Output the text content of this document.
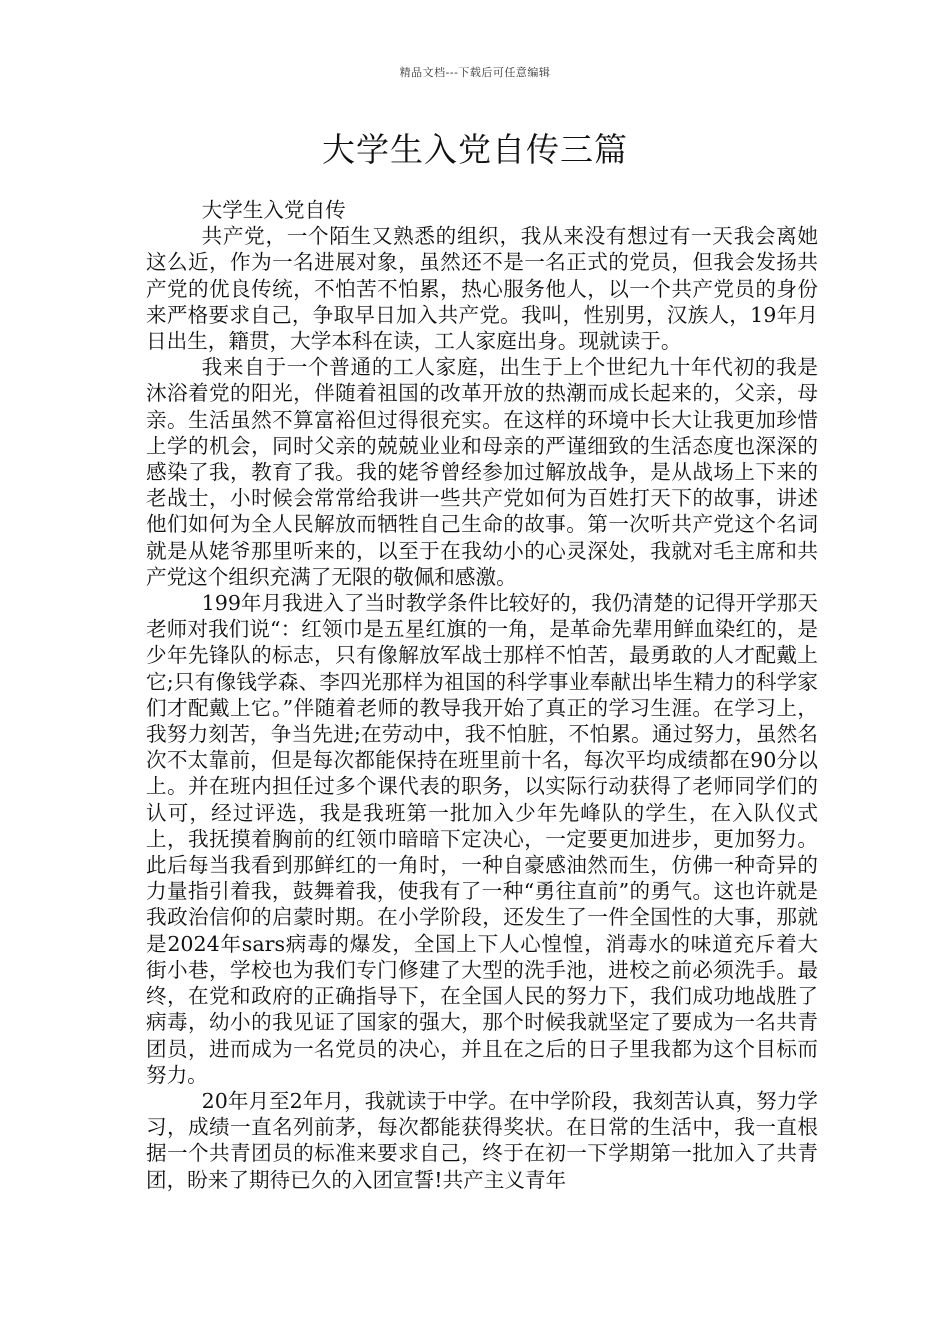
精品文档---下载后可任意编辑
大学生入党自传三篇

大学生入党自传

共产党，一个陌生又熟悉的组织，我从来没有想过有一天我会离她这么近，作为一名进展对象，虽然还不是一名正式的党员，但我会发扬共产党的优良传统，不怕苦不怕累，热心服务他人，以一个共产党员的身份来严格要求自己，争取早日加入共产党。我叫，性别男，汉族人，19年月日出生，籍贯，大学本科在读，工人家庭出身。现就读于。

我来自于一个普通的工人家庭，出生于上个世纪九十年代初的我是沐浴着党的阳光，伴随着祖国的改革开放的热潮而成长起来的，父亲，母亲。生活虽然不算富裕但过得很充实。在这样的环境中长大让我更加珍惜上学的机会，同时父亲的兢兢业业和母亲的严谨细致的生活态度也深深的感染了我，教育了我。我的姥爷曾经参加过解放战争，是从战场上下来的老战士，小时候会常常给我讲一些共产党如何为百姓打天下的故事，讲述他们如何为全人民解放而牺牲自己生命的故事。第一次听共产党这个名词就是从姥爷那里听来的，以至于在我幼小的心灵深处，我就对毛主席和共产党这个组织充满了无限的敬佩和感激。

199年月我进入了当时教学条件比较好的，我仍清楚的记得开学那天老师对我们说“：红领巾是五星红旗的一角，是革命先辈用鲜血染红的，是少年先锋队的标志，只有像解放军战士那样不怕苦，最勇敢的人才配戴上它;只有像钱学森、李四光那样为祖国的科学事业奉献出毕生精力的科学家们才配戴上它。”伴随着老师的教导我开始了真正的学习生涯。在学习上，我努力刻苦，争当先进;在劳动中，我不怕脏，不怕累。通过努力，虽然名次不太靠前，但是每次都能保持在班里前十名，每次平均成绩都在90分以上。并在班内担任过多个课代表的职务，以实际行动获得了老师同学们的认可，经过评选，我是我班第一批加入少年先峰队的学生，在入队仪式上，我抚摸着胸前的红领巾暗暗下定决心，一定要更加进步，更加努力。此后每当我看到那鲜红的一角时，一种自豪感油然而生，仿佛一种奇异的力量指引着我，鼓舞着我，使我有了一种“勇往直前”的勇气。这也许就是我政治信仰的启蒙时期。在小学阶段，还发生了一件全国性的大事，那就是2024年sars病毒的爆发，全国上下人心惶惶，消毒水的味道充斥着大街小巷，学校也为我们专门修建了大型的洗手池，进校之前必须洗手。最终，在党和政府的正确指导下，在全国人民的努力下，我们成功地战胜了病毒，幼小的我见证了国家的强大，那个时候我就坚定了要成为一名共青团员，进而成为一名党员的决心，并且在之后的日子里我都为这个目标而努力。

20年月至2年月，我就读于中学。在中学阶段，我刻苦认真，努力学习，成绩一直名列前茅，每次都能获得奖状。在日常的生活中，我一直根据一个共青团员的标准来要求自己，终于在初一下学期第一批加入了共青团，盼来了期待已久的入团宣誓!共产主义青年
